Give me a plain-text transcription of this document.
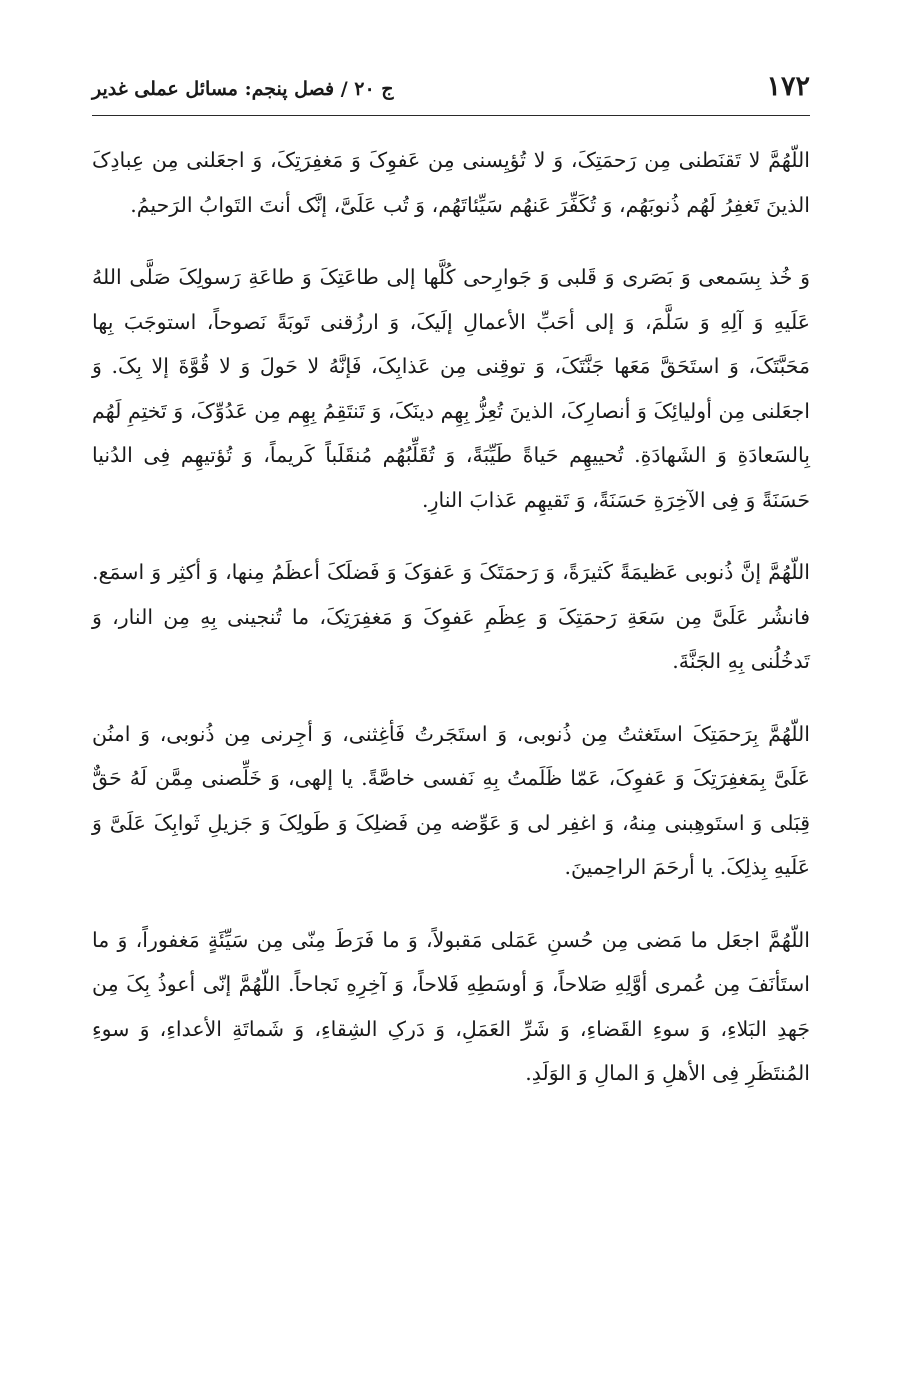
۱۷۲
ج ۲۰ / فصل پنجم: مسائل عملی غدیر

اللّهُمَّ لا تَقنَطنی مِن رَحمَتِکَ، وَ لا تُؤیِسنی مِن عَفوِکَ وَ مَغفِرَتِکَ، وَ اجعَلنی مِن عِبادِکَ الذینَ تَغفِرُ لَهُم ذُنوبَهُم، وَ تُکَفِّرَ عَنهُم سَیِّئاتَهُم، وَ تُب عَلَیَّ، إنَّک أنتَ التَوابُ الرَحیمُ.

وَ خُذ بِسَمعی وَ بَصَری وَ قَلبی وَ جَوارِحی کُلَّها إلی طاعَتِکَ وَ طاعَةِ رَسولِکَ صَلَّی اللهُ عَلَیهِ وَ آلِهِ وَ سَلَّمَ، وَ إلی أحَبِّ الأعمالِ إلَیکَ، وَ ارزُقنی تَوبَةً نَصوحاً، استوجَبَ بِها مَحَبَّتَکَ، وَ استَحَقَّ مَعَها جَنَّتَکَ، وَ توقِنی مِن عَذابِکَ، فَإنَّهُ لا حَولَ وَ لا قُوَّةَ إلا بِکَ. وَ اجعَلنی مِن أولیائِکَ وَ أنصارِکَ، الذینَ تُعِزُّ بِهِم دینَکَ، وَ تَنتَقِمُ بِهِم مِن عَدُوِّکَ، وَ تَختِمِ لَهُم بِالسَعادَةِ وَ الشَهادَةِ. تُحییهِم حَیاةً طَیِّبَةً، وَ تُقَلِّبُهُم مُنقَلَباً کَریماً، وَ تُؤتیهِم فِی الدُنیا حَسَنَةً وَ فِی الآخِرَةِ حَسَنَةً، وَ تَقیهِم عَذابَ النارِ.

اللّهُمَّ إنَّ ذُنوبی عَظیمَةً کَثیرَةً، وَ رَحمَتَکَ وَ عَفوَکَ وَ فَضلَکَ أعظَمُ مِنها، وَ أکثِر وَ اسمَع. فانشُر عَلَیَّ مِن سَعَةِ رَحمَتِکَ وَ عِظَمِ عَفوِکَ وَ مَغفِرَتِکَ، ما تُنجینی بِهِ مِن النار، وَ تَدخُلُنی بِهِ الجَنَّةَ.

اللّهُمَّ بِرَحمَتِکَ استَغثتُ مِن ذُنوبی، وَ استَجَرتُ فَأغِثنی، وَ أجِرنی مِن ذُنوبی، وَ امنُن عَلَیَّ بِمَغفِرَتِکَ وَ عَفوِکَ، عَمّا ظَلَمتُ بِهِ نَفسی خاصَّةً. یا إلهی، وَ خَلِّصنی مِمَّن لَهُ حَقٌّ قِبَلی وَ استَوهِبنی مِنهُ، وَ اغفِر لی وَ عَوِّضه مِن فَضلِکَ وَ طَولِکَ وَ جَزیلِ ثَوابِکَ عَلَیَّ وَ عَلَیهِ بِذلِکَ. یا أرحَمَ الراحِمینَ.

اللّهُمَّ اجعَل ما مَضی مِن حُسنِ عَمَلی مَقبولاً، وَ ما فَرَطَ مِنّی مِن سَیِّئَةٍ مَغفوراً، وَ ما استَأنَفَ مِن عُمری أوَّلِهِ صَلاحاً، وَ أوسَطِهِ فَلاحاً، وَ آخِرِهِ نَجاحاً. اللّهُمَّ إنّی أعوذُ بِکَ مِن جَهدِ البَلاءِ، وَ سوءِ القَضاءِ، وَ شَرِّ العَمَلِ، وَ دَرکِ الشِقاءِ، وَ شَماتَةِ الأعداءِ، وَ سوءِ المُنتَظَرِ فِی الأهلِ وَ المالِ وَ الوَلَدِ.
